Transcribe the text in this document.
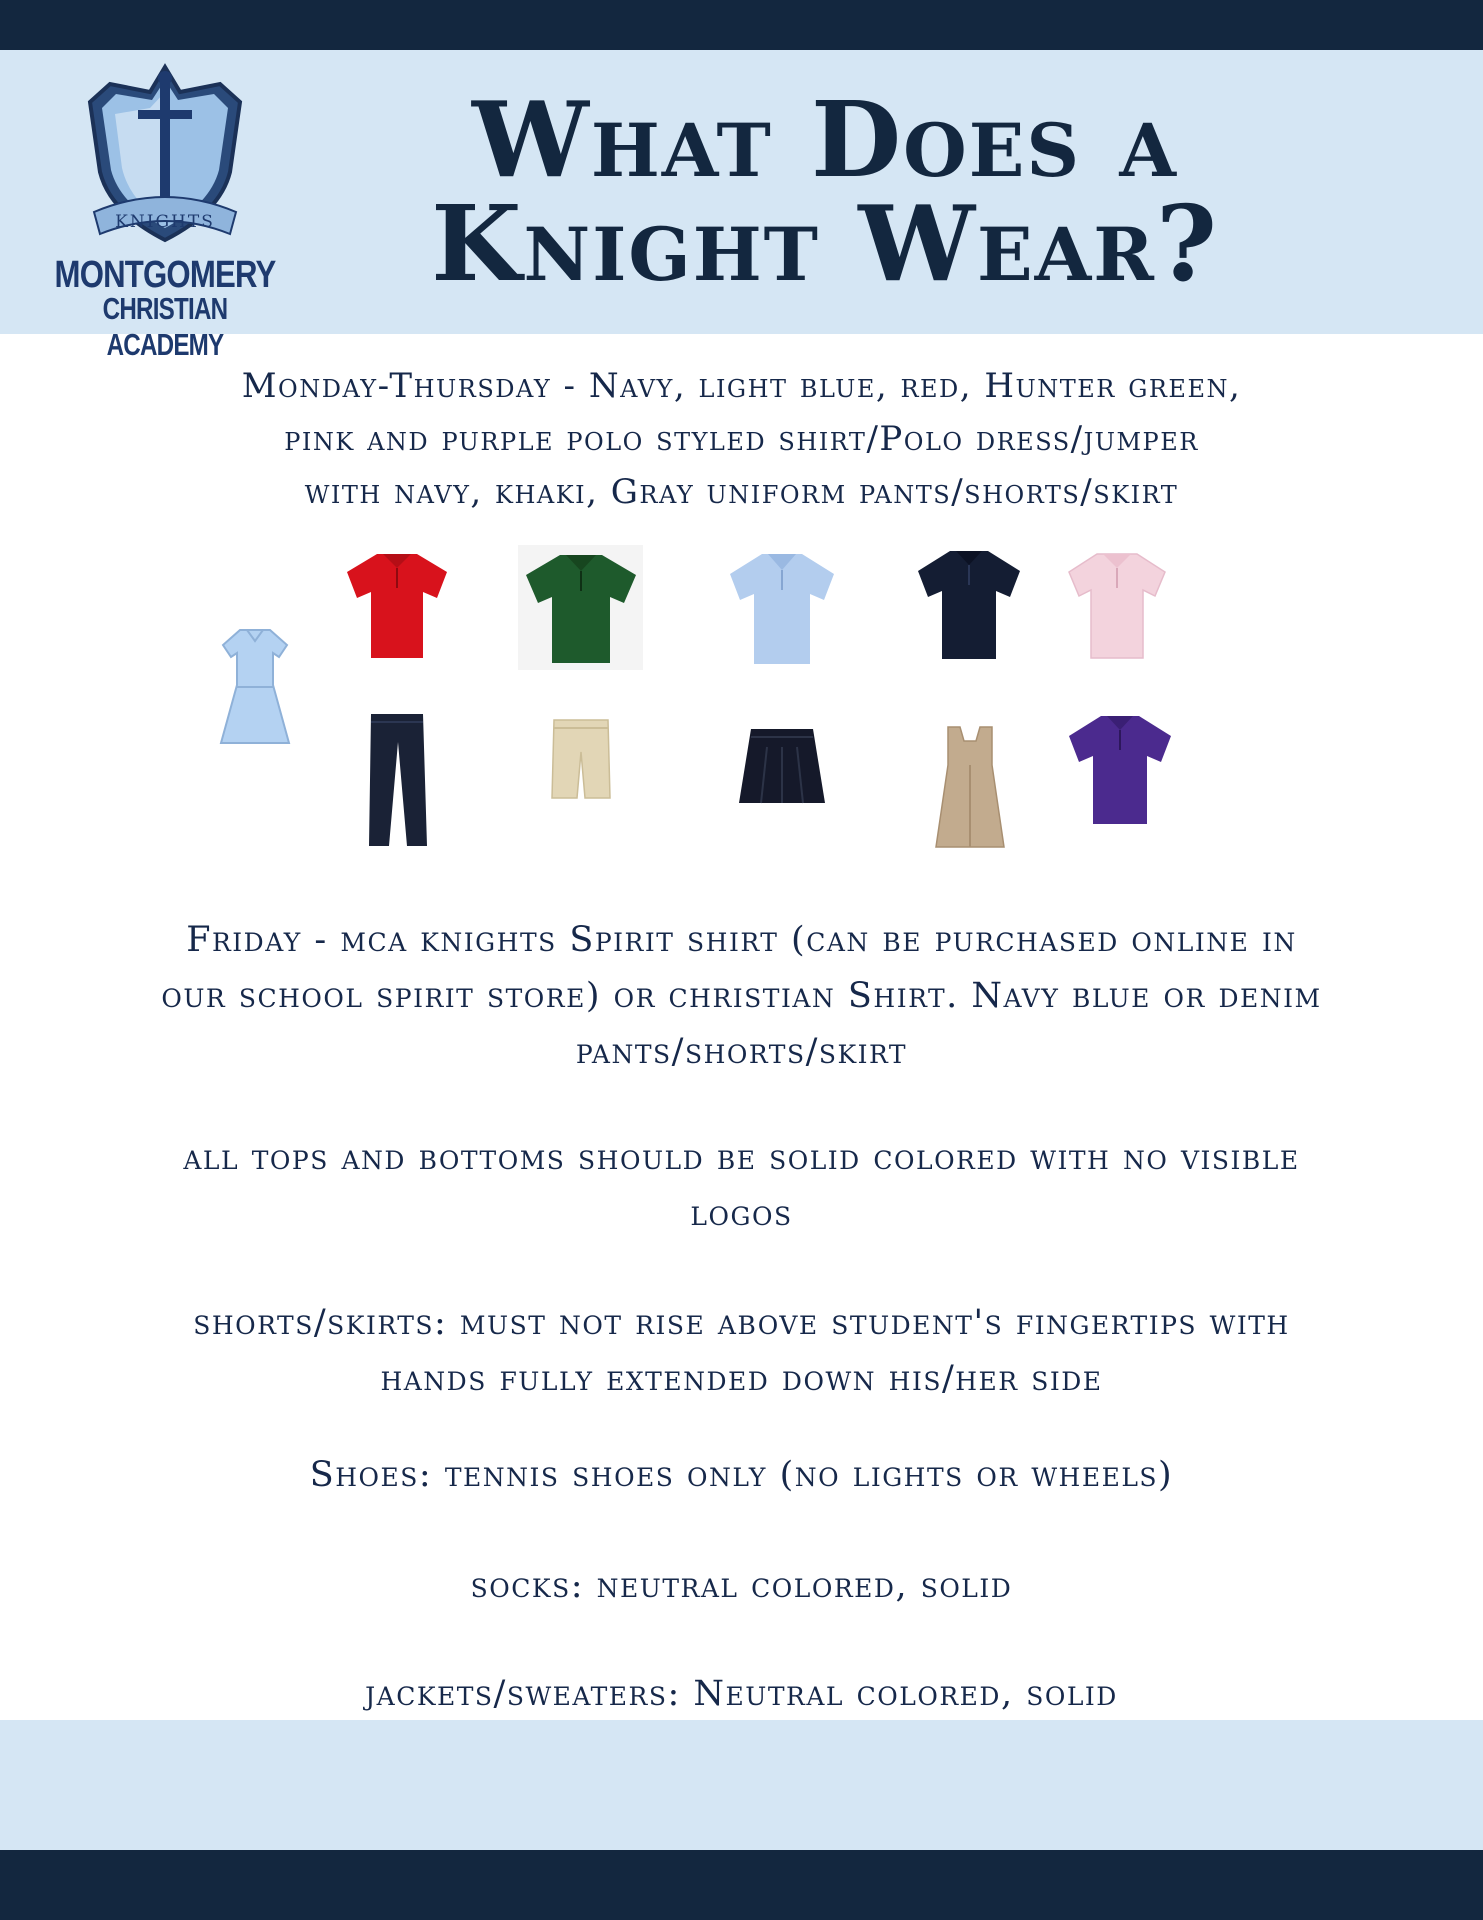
KNIGHTS
MONTGOMERY
CHRISTIAN ACADEMY
What Does a
Knight Wear?
Monday-Thursday - Navy, light blue, red, Hunter green,
pink and purple polo styled shirt/Polo dress/jumper
with navy, khaki, Gray uniform pants/shorts/skirt
Friday - mca knights Spirit shirt (can be purchased online in
our school spirit store) or christian Shirt. Navy blue or denim
pants/shorts/skirt
all tops and bottoms should be solid colored with no visible
logos
shorts/skirts: must not rise above student's fingertips with
hands fully extended down his/her side
Shoes: tennis shoes only (no lights or wheels)
socks: neutral colored, solid
jackets/sweaters: Neutral colored, solid
